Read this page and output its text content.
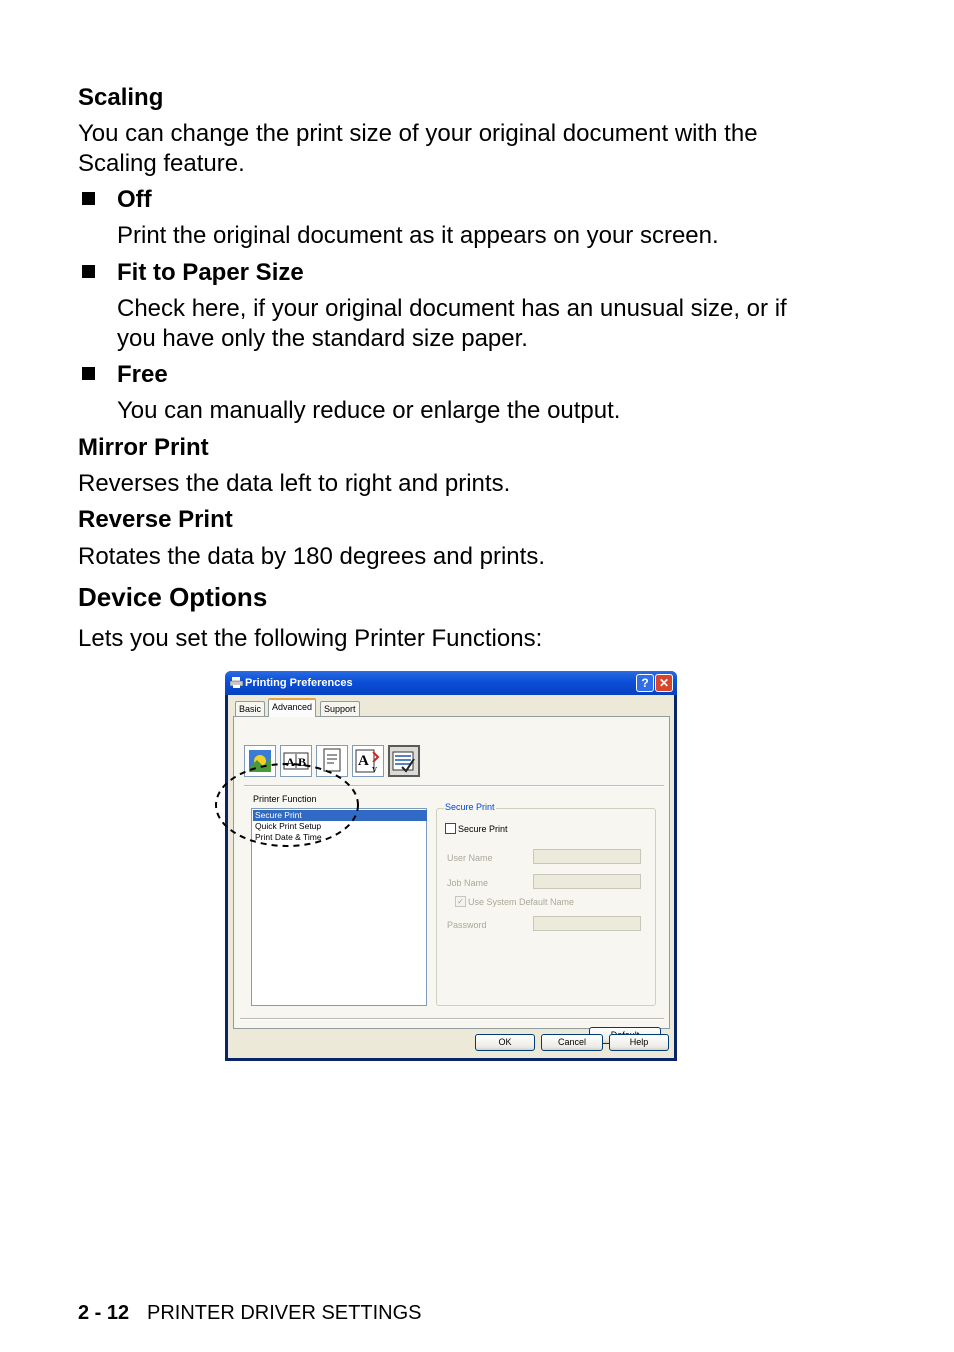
Scaling
You can change the print size of your original document with the
Scaling feature.
Off
Print the original document as it appears on your screen.
Fit to Paper Size
Check here, if your original document has an unusual size, or if
you have only the standard size paper.
Free
You can manually reduce or enlarge the output.
Mirror Print
Reverses the data left to right and prints.
Reverse Print
Rotates the data by 180 degrees and prints.
Device Options
Lets you set the following Printer Functions:
Printing Preferences	? ✕
Basic	Advanced	Support
A B	A
v
Printer Function
Secure Print
Quick Print Setup
Print Date & Time
Secure Print
Secure Print
User Name
Job Name
✓ Use System Default Name
Password
OK	Cancel	Help
2 - 12 PRINTER DRIVER SETTINGS
